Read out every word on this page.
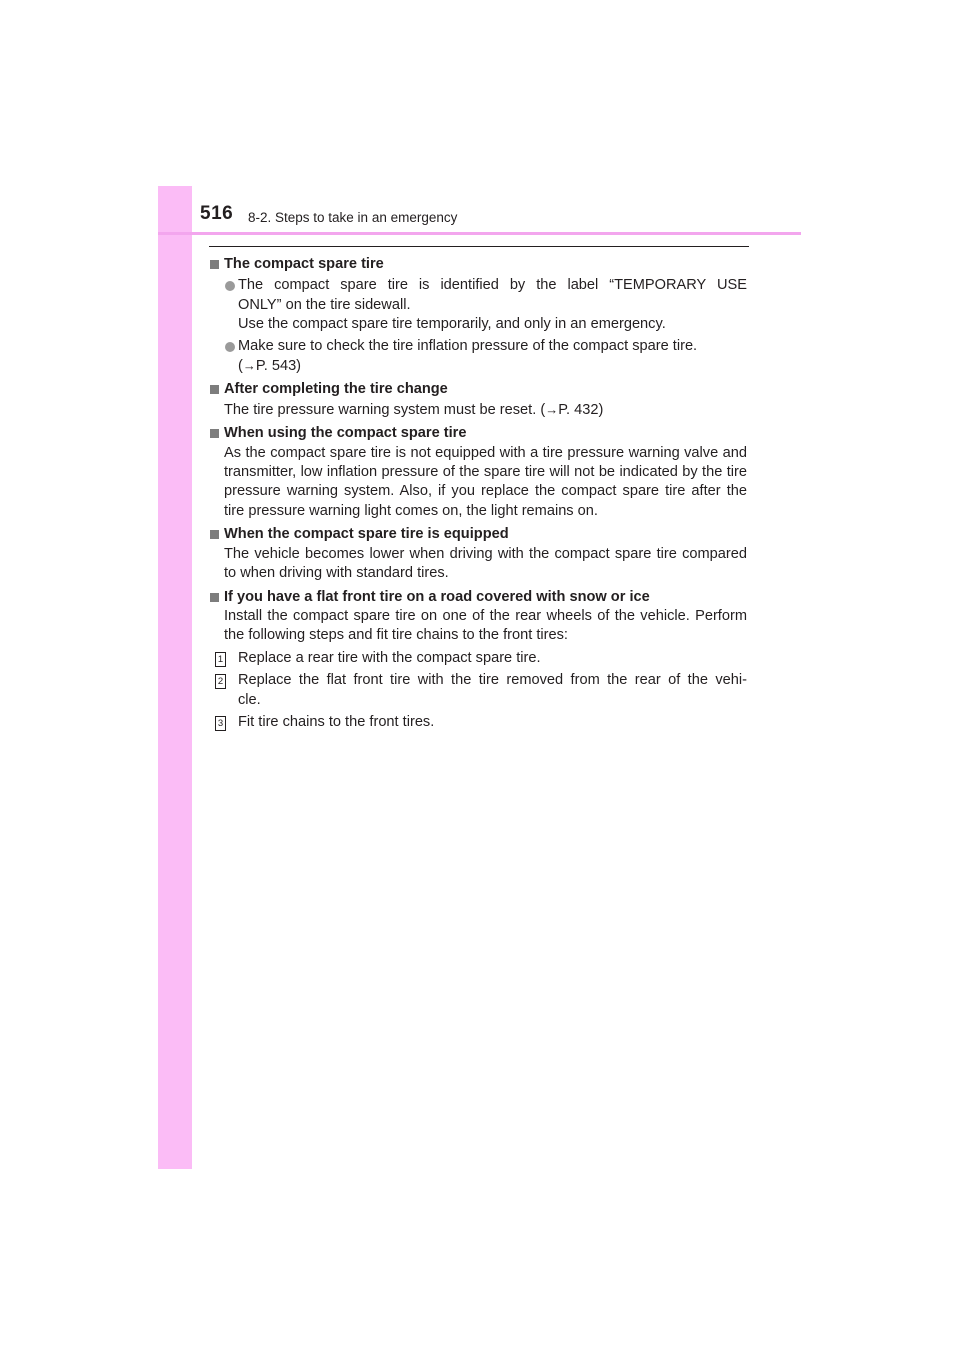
516 8-2. Steps to take in an emergency
The compact spare tire
The compact spare tire is identified by the label “TEMPORARY USE
ONLY” on the tire sidewall.
Use the compact spare tire temporarily, and only in an emergency.
Make sure to check the tire inflation pressure of the compact spare tire.
(→P. 543)
After completing the tire change
The tire pressure warning system must be reset. (→P. 432)
When using the compact spare tire
As the compact spare tire is not equipped with a tire pressure warning valve and transmitter, low inflation pressure of the spare tire will not be indicated by the tire pressure warning system. Also, if you replace the compact spare tire after the tire pressure warning light comes on, the light remains on.
When the compact spare tire is equipped
The vehicle becomes lower when driving with the compact spare tire compared to when driving with standard tires.
If you have a flat front tire on a road covered with snow or ice
Install the compact spare tire on one of the rear wheels of the vehicle. Perform the following steps and fit tire chains to the front tires:
1 Replace a rear tire with the compact spare tire.
2 Replace the flat front tire with the tire removed from the rear of the vehi-
cle.
3 Fit tire chains to the front tires.
